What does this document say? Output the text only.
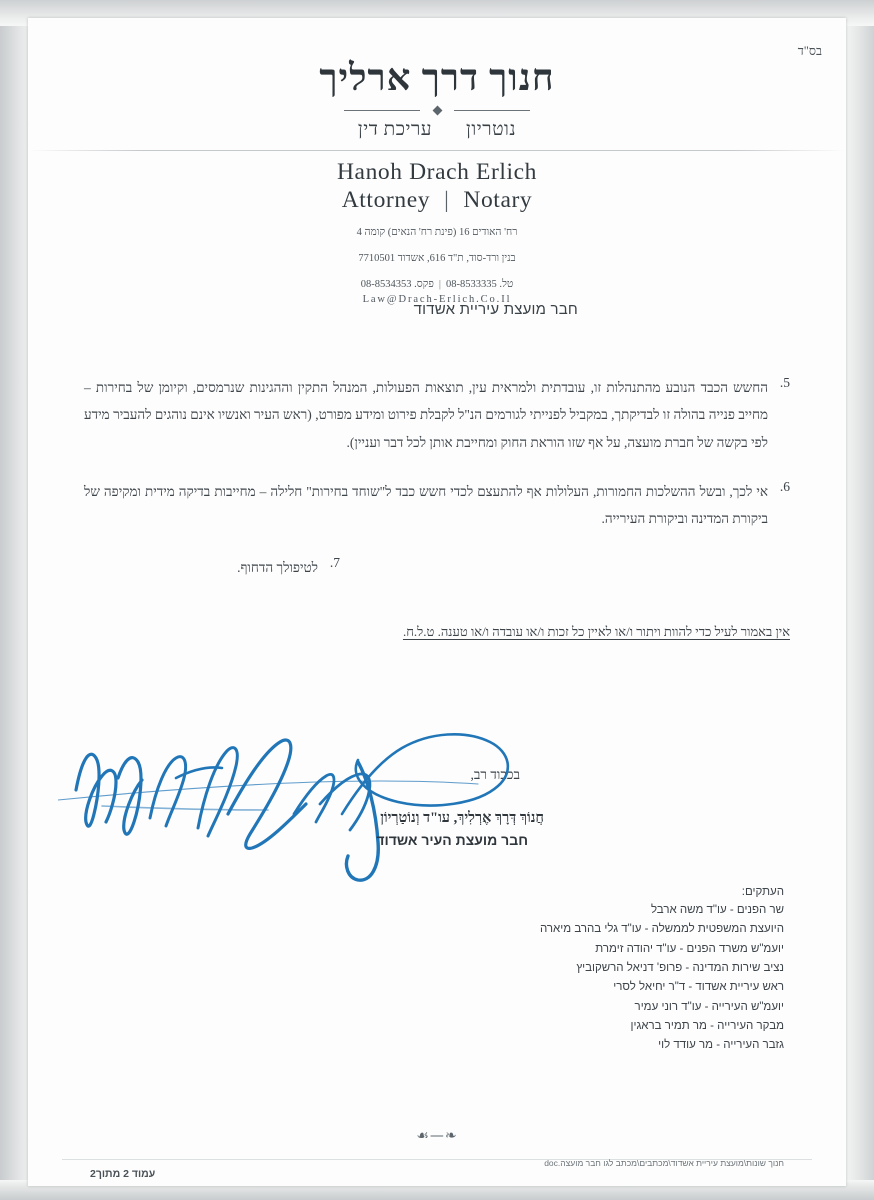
בס"ד
חנוך דרך ארליך
נוטריוןעריכת דין
Hanoh Drach Erlich
Attorney | Notary
רח' האודים 16 (פינת רח' הנאים) קומה 4
בנין ורד-סוד, ת"ד 616, אשדוד 7710501
טל. 08-8533335|פקס. 08-8534353
Law@Drach-Erlich.Co.Il
חבר מועצת עיריית אשדוד
5.
החשש הכבד הנובע מהתנהלות זו, עובדתית ולמראית עין, תוצאות הפעולות, המנהל התקין וההגינות שנרמסים, וקיומן של בחירות – מחייב פנייה בהולה זו לבדיקתך, במקביל לפנייתי לגורמים הנ"ל לקבלת פירוט ומידע מפורט, (ראש העיר ואנשיו אינם נוהגים להעביר מידע לפי בקשה של חברת מועצה, על אף שזו הוראת החוק ומחייבת אותן לכל דבר ועניין).
6.
אי לכך, ובשל ההשלכות החמורות, העלולות אף להתעצם לכדי חשש כבד ל"שוחד בחירות" חלילה – מחייבות בדיקה מידית ומקיפה של ביקורת המדינה וביקורת העירייה.
7.
לטיפולך הדחוף.
אין באמור לעיל כדי להוות ויתור ו/או לאיין כל זכות ו/או עובדה ו/או טענה. ט.ל.ח.
בכבוד רב,
חֲנוֹךְ דְּרָךְ אֶרְלִיךְ, עו"ד וְנוֹטַרְיוֹן
חבר מועצת העיר אשדוד
העתקים:
שר הפנים - עו"ד משה ארבל
היועצת המשפטית לממשלה - עו"ד גלי בהרב מיארה
יועמ"ש משרד הפנים - עו"ד יהודה זימרת
נציב שירות המדינה - פרופ' דניאל הרשקוביץ
ראש עיריית אשדוד - ד"ר יחיאל לסרי
יועמ"ש העירייה - עו"ד רוני עמיר
מבקר העירייה - מר תמיר בראגין
גזבר העירייה - מר עודד לוי
☙—❧
חנוך שונות\מועצת עיריית אשדוד\מכתבים\מכתב לגו חבר מועצה.doc
עמוד 2 מתוך2
